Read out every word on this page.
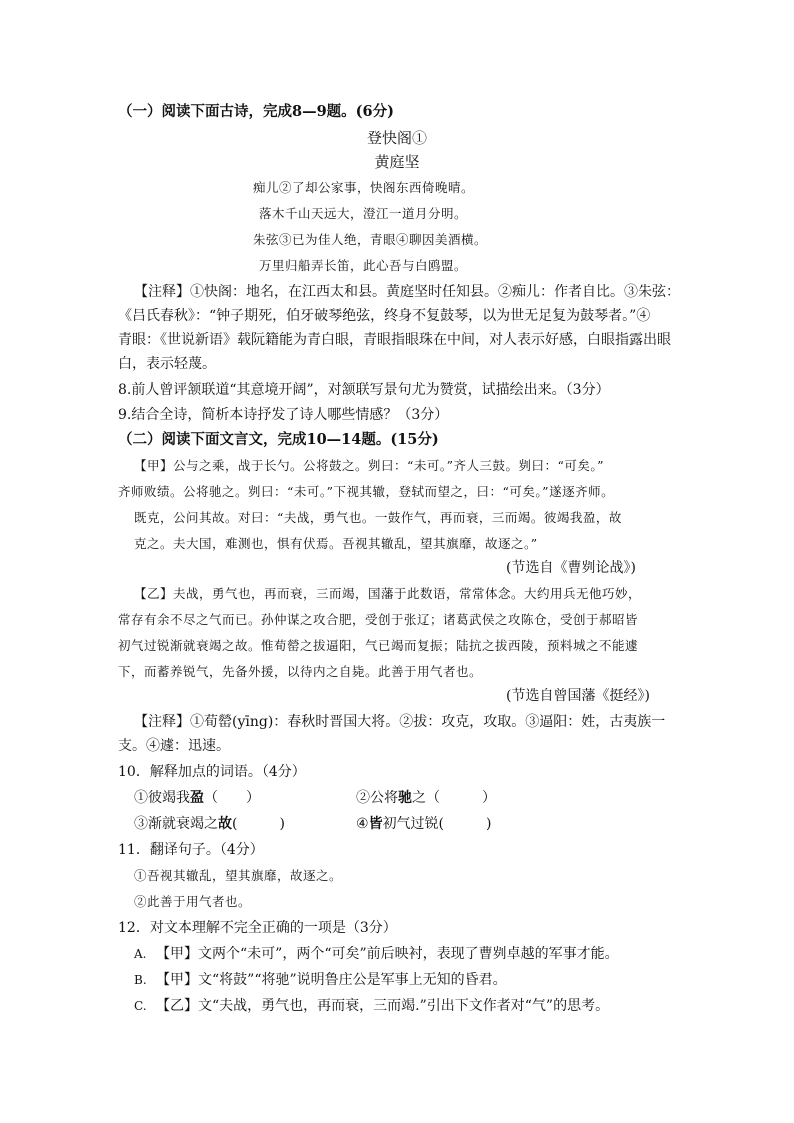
（一）阅读下面古诗，完成8—9题。(6分)
登快阁①
黄庭坚
痴儿②了却公家事，快阁东西倚晚晴。
落木千山天远大，澄江一道月分明。
朱弦③已为佳人绝，青眼④聊因美酒横。
万里归船弄长笛，此心吾与白鸥盟。
【注释】①快阁：地名，在江西太和县。黄庭坚时任知县。②痴儿：作者自比。③朱弦：
《吕氏春秋》：“钟子期死，伯牙破琴绝弦，终身不复鼓琴，以为世无足复为鼓琴者。”④
青眼：《世说新语》载阮籍能为青白眼，青眼指眼珠在中间，对人表示好感，白眼指露出眼
白，表示轻蔑。
8.前人曾评颔联道“其意境开阔”，对颔联写景句尤为赞赏，试描绘出来。（3分）
9.结合全诗，简析本诗抒发了诗人哪些情感？（3分）
（二）阅读下面文言文，完成10—14题。(15分)
【甲】公与之乘，战于长勺。公将鼓之。刿曰：“未可。”齐人三鼓。刿曰：“可矣。”
齐师败绩。公将驰之。刿曰：“未可。”下视其辙，登轼而望之，曰：“可矣。”遂逐齐师。
既克，公问其故。对曰：“夫战，勇气也。一鼓作气，再而衰，三而竭。彼竭我盈，故
克之。夫大国，难测也，惧有伏焉。吾视其辙乱，望其旗靡，故逐之。”
(节选自《曹刿论战》)
【乙】夫战，勇气也，再而衰，三而竭，国藩于此数语，常常体念。大约用兵无他巧妙，
常存有余不尽之气而已。孙仲谋之攻合肥，受创于张辽；诸葛武侯之攻陈仓，受创于郝昭皆
初气过锐渐就衰竭之故。惟荀罃之拔逼阳，气已竭而复振；陆抗之拔西陵，预料城之不能遽
下，而蓄养锐气，先备外援，以待内之自毙。此善于用气者也。
(节选自曾国藩《挺经》)
【注释】①荀罃(yīng)：春秋时晋国大将。②拔：攻克，攻取。③逼阳：姓，古夷族一
支。④遽：迅速。
10．解释加点的词语。（4分）
①彼竭我盈（　　）	②公将驰之（　　　）
③渐就衰竭之故(　　　)	④皆初气过锐(　　　)
11．翻译句子。（4分）
①吾视其辙乱，望其旗靡，故逐之。
②此善于用气者也。
12．对文本理解不完全正确的一项是（3分）
A. 【甲】文两个“未可”，两个“可矣”前后映衬，表现了曹刿卓越的军事才能。
B. 【甲】文“将鼓”“将驰”说明鲁庄公是军事上无知的昏君。
C. 【乙】文“夫战，勇气也，再而衰，三而竭.”引出下文作者对“气”的思考。
